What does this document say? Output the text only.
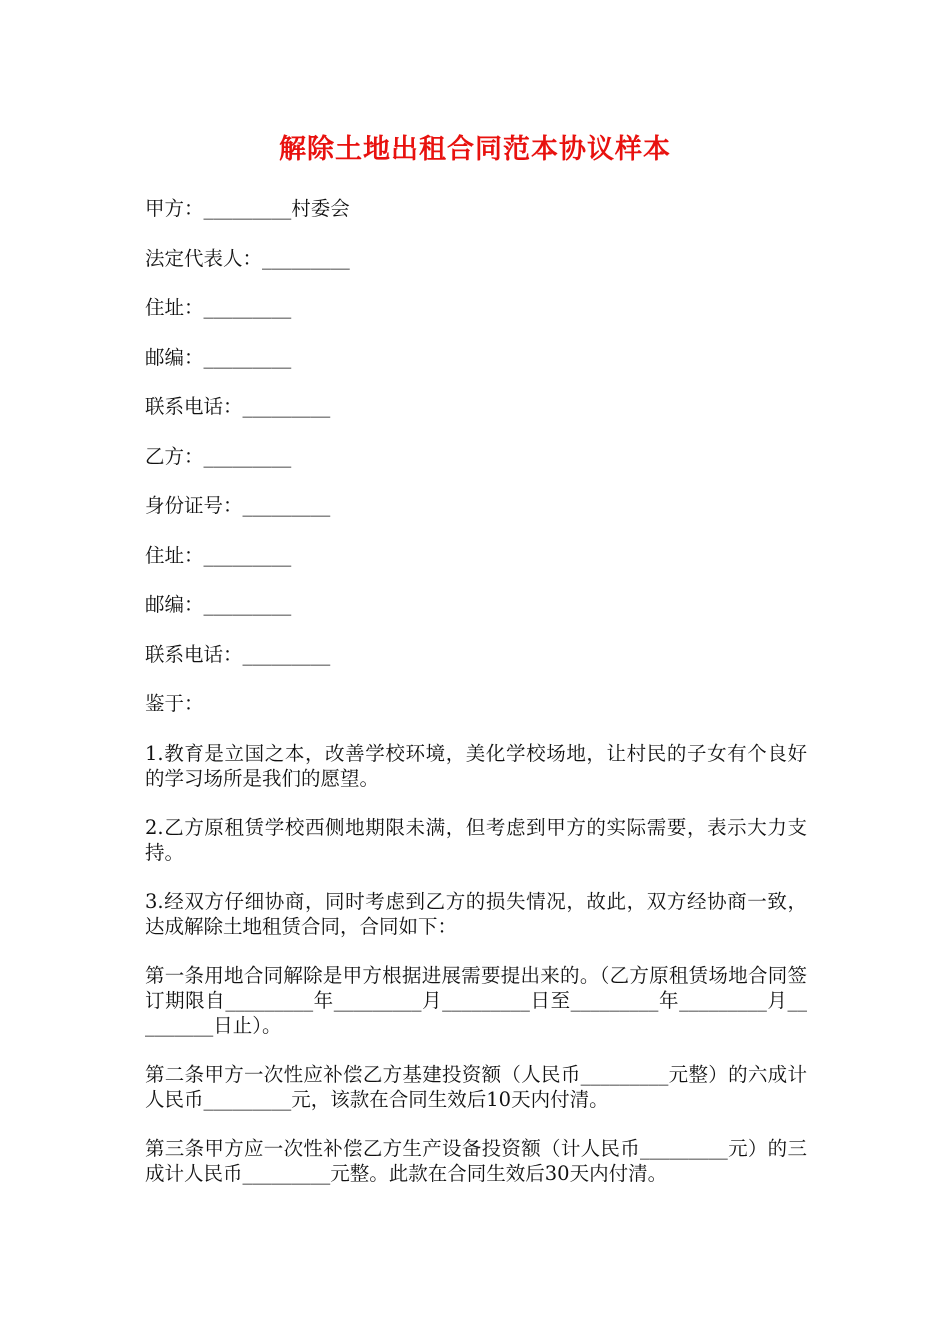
解除土地出租合同范本协议样本
甲方：_________村委会
法定代表人：_________
住址：_________
邮编：_________
联系电话：_________
乙方：_________
身份证号：_________
住址：_________
邮编：_________
联系电话：_________
鉴于：

1.教育是立国之本，改善学校环境，美化学校场地，让村民的子女有个良好的学习场所是我们的愿望。

2.乙方原租赁学校西侧地期限未满，但考虑到甲方的实际需要，表示大力支持。

3.经双方仔细协商，同时考虑到乙方的损失情况，故此，双方经协商一致，达成解除土地租赁合同，合同如下：

第一条用地合同解除是甲方根据进展需要提出来的。（乙方原租赁场地合同签订期限自_________年_________月_________日至_________年_________月_________日止）。

第二条甲方一次性应补偿乙方基建投资额（人民币_________元整）的六成计人民币_________元，该款在合同生效后10天内付清。

第三条甲方应一次性补偿乙方生产设备投资额（计人民币_________元）的三成计人民币_________元整。此款在合同生效后30天内付清。
